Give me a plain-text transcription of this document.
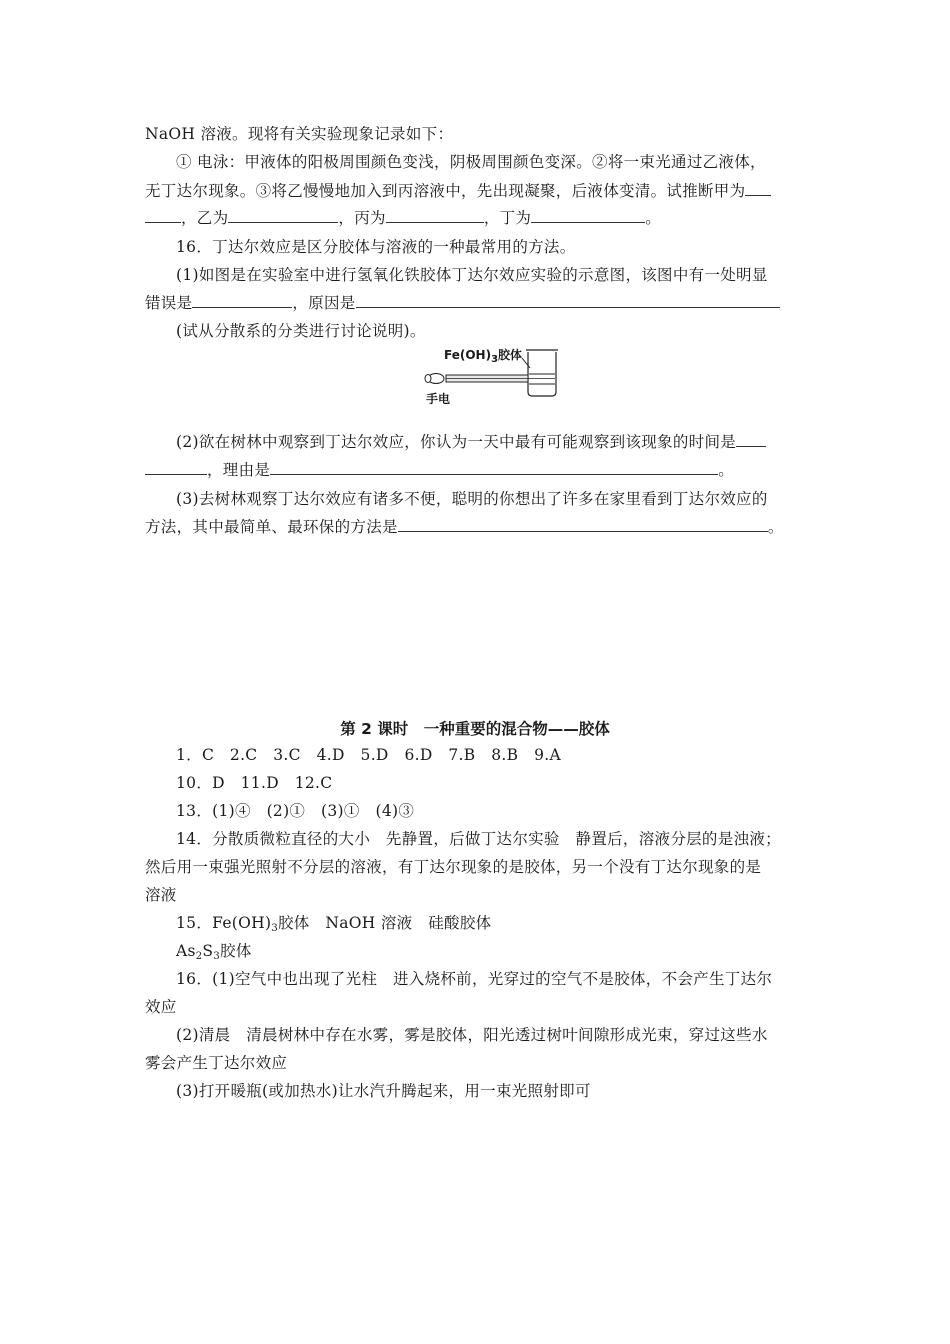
NaOH 溶液。现将有关实验现象记录如下：
① 电泳：甲液体的阳极周围颜色变浅，阴极周围颜色变深。②将一束光通过乙液体，
无丁达尔现象。③将乙慢慢地加入到丙溶液中，先出现凝聚，后液体变清。试推断甲为
，乙为	，丙为	，丁为	。
16．丁达尔效应是区分胶体与溶液的一种最常用的方法。
(1)如图是在实验室中进行氢氧化铁胶体丁达尔效应实验的示意图，该图中有一处明显
错误是	，原因是
(试从分散系的分类进行讨论说明)。
$Fe(OH)_3$胶体
手电
(2)欲在树林中观察到丁达尔效应，你认为一天中最有可能观察到该现象的时间是
，理由是	。
(3)去树林观察丁达尔效应有诸多不便，聪明的你想出了许多在家里看到丁达尔效应的
方法，其中最简单、最环保的方法是	。
第 2 课时　一种重要的混合物——胶体
1．C　2.C　3.C　4.D　5.D　6.D　7.B　8.B　9.A
10．D　11.D　12.C
13．(1)④　(2)①　(3)①　(4)③
14．分散质微粒直径的大小　先静置，后做丁达尔实验　静置后，溶液分层的是浊液；
然后用一束强光照射不分层的溶液，有丁达尔现象的是胶体，另一个没有丁达尔现象的是
溶液
15．$Fe(OH)_3$胶体　NaOH 溶液　硅酸胶体
$As_2S_3$胶体
16．(1)空气中也出现了光柱　进入烧杯前，光穿过的空气不是胶体，不会产生丁达尔
效应
(2)清晨　清晨树林中存在水雾，雾是胶体，阳光透过树叶间隙形成光束，穿过这些水
雾会产生丁达尔效应
(3)打开暖瓶(或加热水)让水汽升腾起来，用一束光照射即可
